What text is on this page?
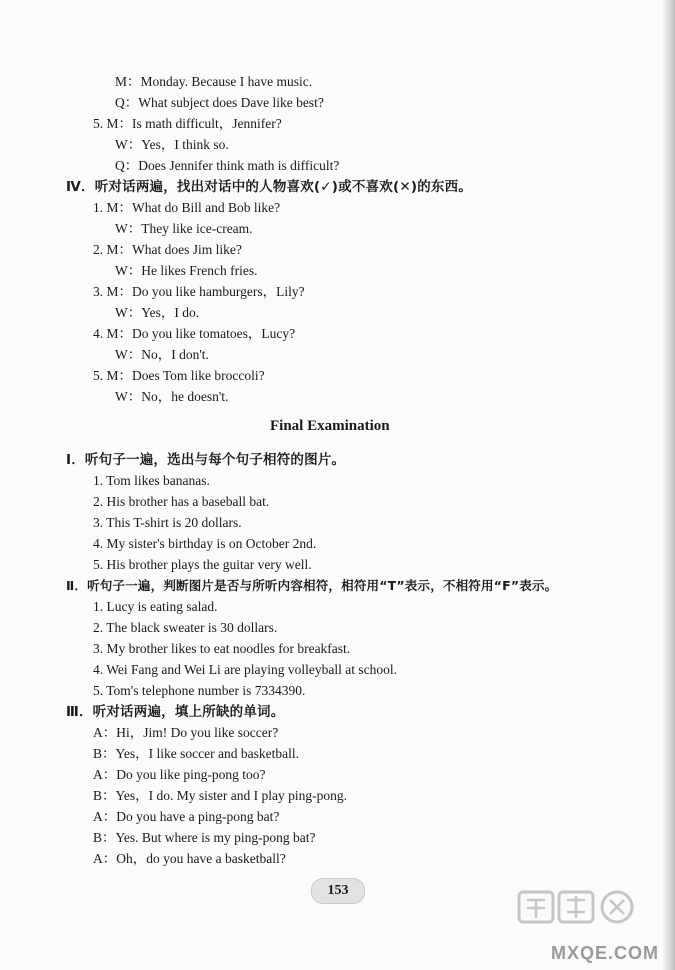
M：Monday. Because I have music.
Q：What subject does Dave like best?
5. M：Is math difficult，Jennifer?
W：Yes，I think so.
Q：Does Jennifer think math is difficult?
Ⅳ．听对话两遍，找出对话中的人物喜欢(✓)或不喜欢(✕)的东西。
1. M：What do Bill and Bob like?
W：They like ice-cream.
2. M：What does Jim like?
W：He likes French fries.
3. M：Do you like hamburgers，Lily?
W：Yes，I do.
4. M：Do you like tomatoes，Lucy?
W：No，I don't.
5. M：Does Tom like broccoli?
W：No，he doesn't.
Final Examination
Ⅰ．听句子一遍，选出与每个句子相符的图片。
1. Tom likes bananas.
2. His brother has a baseball bat.
3. This T-shirt is 20 dollars.
4. My sister's birthday is on October 2nd.
5. His brother plays the guitar very well.
Ⅱ．听句子一遍，判断图片是否与所听内容相符，相符用“T”表示，不相符用“F”表示。
1. Lucy is eating salad.
2. The black sweater is 30 dollars.
3. My brother likes to eat noodles for breakfast.
4. Wei Fang and Wei Li are playing volleyball at school.
5. Tom's telephone number is 7334390.
Ⅲ．听对话两遍，填上所缺的单词。
A：Hi，Jim! Do you like soccer?
B：Yes，I like soccer and basketball.
A：Do you like ping-pong too?
B：Yes，I do. My sister and I play ping-pong.
A：Do you have a ping-pong bat?
B：Yes. But where is my ping-pong bat?
A：Oh，do you have a basketball?
153
MXQE.COM
